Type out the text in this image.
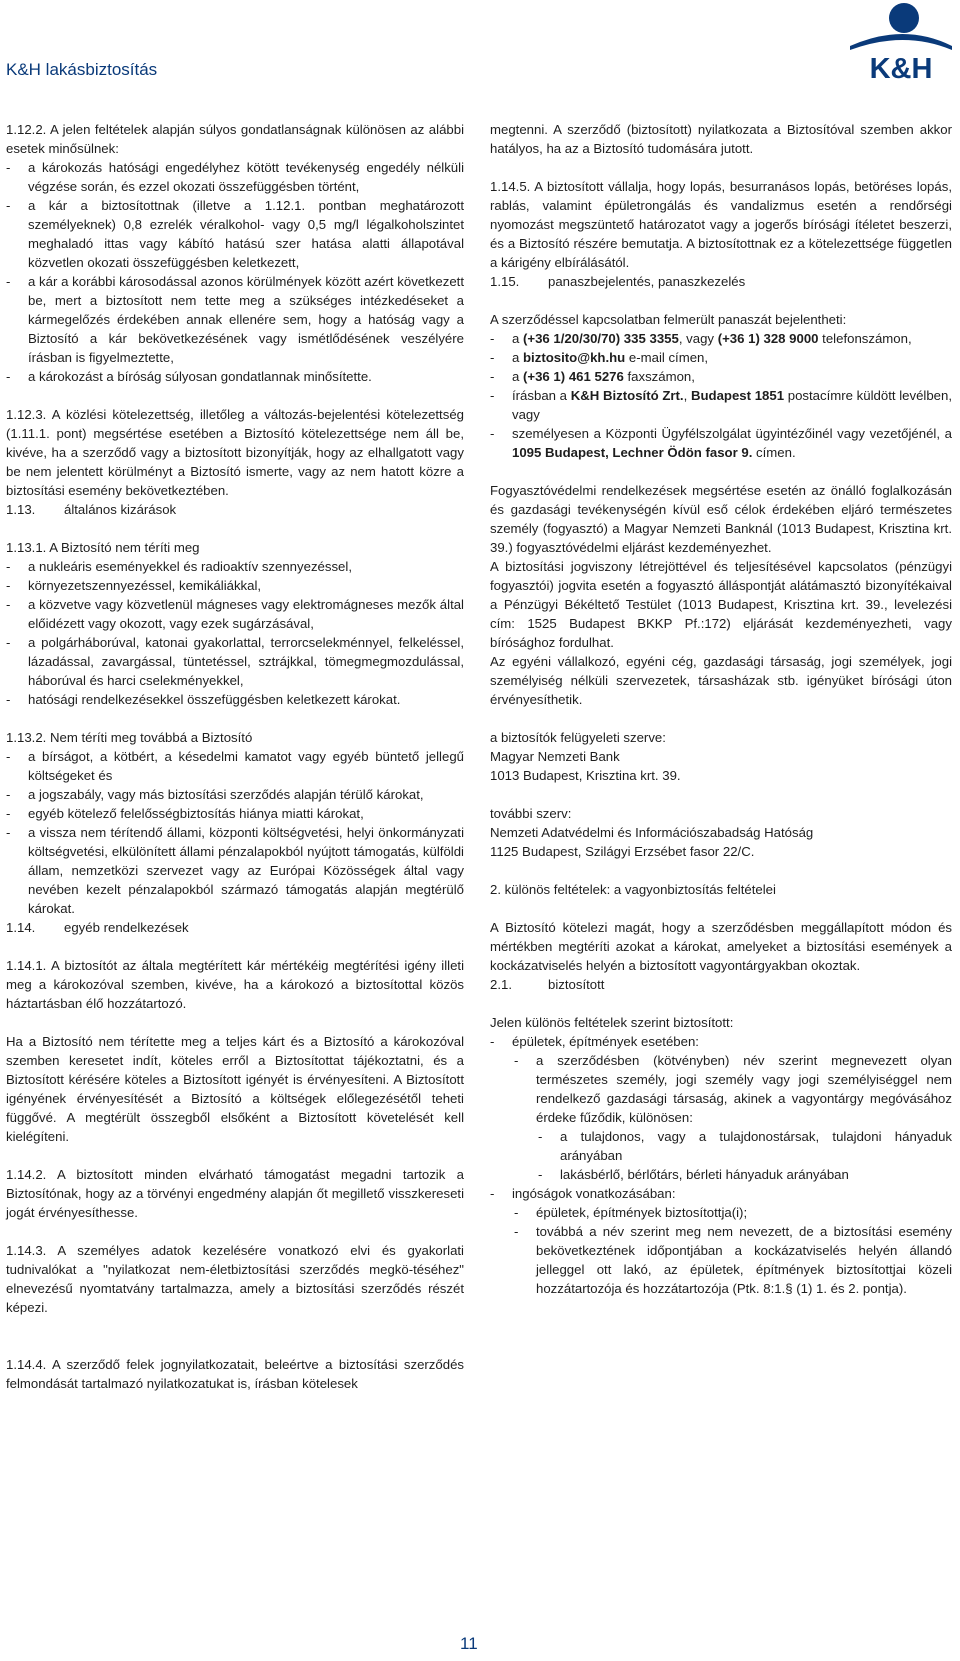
K&H lakásbiztosítás	K&H

1.12.2. A jelen feltételek alapján súlyos gondatlanságnak különösen az alábbi esetek minősülnek:

- a károkozás hatósági engedélyhez kötött tevékenység engedély nélküli végzése során, és ezzel okozati összefüggésben történt,

- a kár a biztosítottnak (illetve a 1.12.1. pontban meghatározott személyeknek) 0,8 ezrelék véralkohol- vagy 0,5 mg/l légalkoholszintet meghaladó ittas vagy kábító hatású szer hatása alatti állapotával közvetlen okozati összefüggésben keletkezett,

- a kár a korábbi károsodással azonos körülmények között azért következett be, mert a biztosított nem tette meg a szükséges intézkedéseket a kármegelőzés érdekében annak ellenére sem, hogy a hatóság vagy a Biztosító a kár bekövetkezésének vagy ismétlődésének veszélyére írásban is figyelmeztette,

- a károkozást a bíróság súlyosan gondatlannak minősítette.

1.12.3. A közlési kötelezettség, illetőleg a változás-bejelentési kötelezettség (1.11.1. pont) megsértése esetében a Biztosító kötelezettsége nem áll be, kivéve, ha a szerződő vagy a biztosított bizonyítják, hogy az elhallgatott vagy be nem jelentett körülményt a Biztosító ismerte, vagy az nem hatott közre a biztosítási esemény bekövetkeztében.

1.13. általános kizárások

1.13.1. A Biztosító nem téríti meg

- a nukleáris eseményekkel és radioaktív szennyezéssel,

- környezetszennyezéssel, kemikáliákkal,

- a közvetve vagy közvetlenül mágneses vagy elektromágneses mezők által előidézett vagy okozott, vagy ezek sugárzásával,

- a polgárháborúval, katonai gyakorlattal, terrorcselekménnyel, felkeléssel, lázadással, zavargással, tüntetéssel, sztrájkkal, tömegmegmozdulással, háborúval és harci cselekményekkel,

- hatósági rendelkezésekkel összefüggésben keletkezett károkat.

1.13.2. Nem téríti meg továbbá a Biztosító

- a bírságot, a kötbért, a késedelmi kamatot vagy egyéb büntető jellegű költségeket és

- a jogszabály, vagy más biztosítási szerződés alapján térülő károkat,

- egyéb kötelező felelősségbiztosítás hiánya miatti károkat,

- a vissza nem térítendő állami, központi költségvetési, helyi önkormányzati költségvetési, elkülönített állami pénzalapokból nyújtott támogatás, külföldi állam, nemzetközi szervezet vagy az Európai Közösségek által vagy nevében kezelt pénzalapokból származó támogatás alapján megtérülő károkat.

1.14. egyéb rendelkezések

1.14.1. A biztosítót az általa megtérített kár mértékéig megtérítési igény illeti meg a károkozóval szemben, kivéve, ha a károkozó a biztosítottal közös háztartásban élő hozzátartozó.

Ha a Biztosító nem térítette meg a teljes kárt és a Biztosító a károkozóval szemben keresetet indít, köteles erről a Biztosítottat tájékoztatni, és a Biztosított kérésére köteles a Biztosított igényét is érvényesíteni. A Biztosított igényének érvényesítését a Biztosító a költségek előlegezésétől teheti függővé. A megtérült összegből elsőként a Biztosított követelését kell kielégíteni.

1.14.2. A biztosított minden elvárható támogatást megadni tartozik a Biztosítónak, hogy az a törvényi engedmény alapján őt megillető visszkereseti jogát érvényesíthesse.

1.14.3. A személyes adatok kezelésére vonatkozó elvi és gyakorlati tudnivalókat a "nyilatkozat nem-életbiztosítási szerződés megkö-téséhez" elnevezésű nyomtatvány tartalmazza, amely a biztosítási szerződés részét képezi.

1.14.4. A szerződő felek jognyilatkozatait, beleértve a biztosítási szerződés felmondását tartalmazó nyilatkozatukat is, írásban kötelesek

megtenni. A szerződő (biztosított) nyilatkozata a Biztosítóval szemben akkor hatályos, ha az a Biztosító tudomására jutott.

1.14.5. A biztosított vállalja, hogy lopás, besurranásos lopás, betöréses lopás, rablás, valamint épületrongálás és vandalizmus esetén a rendőrségi nyomozást megszüntető határozatot vagy a jogerős bírósági ítéletet beszerzi, és a Biztosító részére bemutatja. A biztosítottnak ez a kötelezettsége független a kárigény elbírálásától.

1.15. panaszbejelentés, panaszkezelés

A szerződéssel kapcsolatban felmerült panaszát bejelentheti:

- a (+36 1/20/30/70) 335 3355, vagy (+36 1) 328 9000 telefonszámon,

- a biztosito@kh.hu e-mail címen,

- a (+36 1) 461 5276 faxszámon,

- írásban a K&H Biztosító Zrt., Budapest 1851 postacímre küldött levélben, vagy

- személyesen a Központi Ügyfélszolgálat ügyintézőinél vagy vezetőjénél, a 1095 Budapest, Lechner Ödön fasor 9. címen.

Fogyasztóvédelmi rendelkezések megsértése esetén az önálló foglalkozásán és gazdasági tevékenységén kívül eső célok érdekében eljáró természetes személy (fogyasztó) a Magyar Nemzeti Banknál (1013 Budapest, Krisztina krt. 39.) fogyasztóvédelmi eljárást kezdeményezhet.

A biztosítási jogviszony létrejöttével és teljesítésével kapcsolatos (pénzügyi fogyasztói) jogvita esetén a fogyasztó álláspontját alátámasztó bizonyítékaival a Pénzügyi Békéltető Testület (1013 Budapest, Krisztina krt. 39., levelezési cím: 1525 Budapest BKKP Pf.:172) eljárását kezdeményezheti, vagy bírósághoz fordulhat.

Az egyéni vállalkozó, egyéni cég, gazdasági társaság, jogi személyek, jogi személyiség nélküli szervezetek, társasházak stb. igényüket bírósági úton érvényesíthetik.

a biztosítók felügyeleti szerve:

Magyar Nemzeti Bank

1013 Budapest, Krisztina krt. 39.

további szerv:

Nemzeti Adatvédelmi és Információszabadság Hatóság

1125 Budapest, Szilágyi Erzsébet fasor 22/C.

2. különös feltételek: a vagyonbiztosítás feltételei

A Biztosító kötelezi magát, hogy a szerződésben meggállapított módon és mértékben megtéríti azokat a károkat, amelyeket a biztosítási események a kockázatviselés helyén a biztosított vagyontárgyakban okoztak.

2.1.	biztosított

Jelen különös feltételek szerint biztosított:

- épületek, építmények esetében:

- a szerződésben (kötvényben) név szerint megnevezett olyan természetes személy, jogi személy vagy jogi személyiséggel nem rendelkező gazdasági társaság, akinek a vagyontárgy megóvásához érdeke fűződik, különösen:

- a tulajdonos, vagy a tulajdonostársak, tulajdoni hányaduk arányában

- lakásbérlő, bérlőtárs, bérleti hányaduk arányában

- ingóságok vonatkozásában:

- épületek, építmények biztosítottja(i);

- továbbá a név szerint meg nem nevezett, de a biztosítási esemény bekövetkeztének időpontjában a kockázatviselés helyén állandó jelleggel ott lakó, az épületek, építmények biztosítottjai közeli hozzátartozója és hozzátartozója (Ptk. 8:1.§ (1) 1. és 2. pontja).

11
